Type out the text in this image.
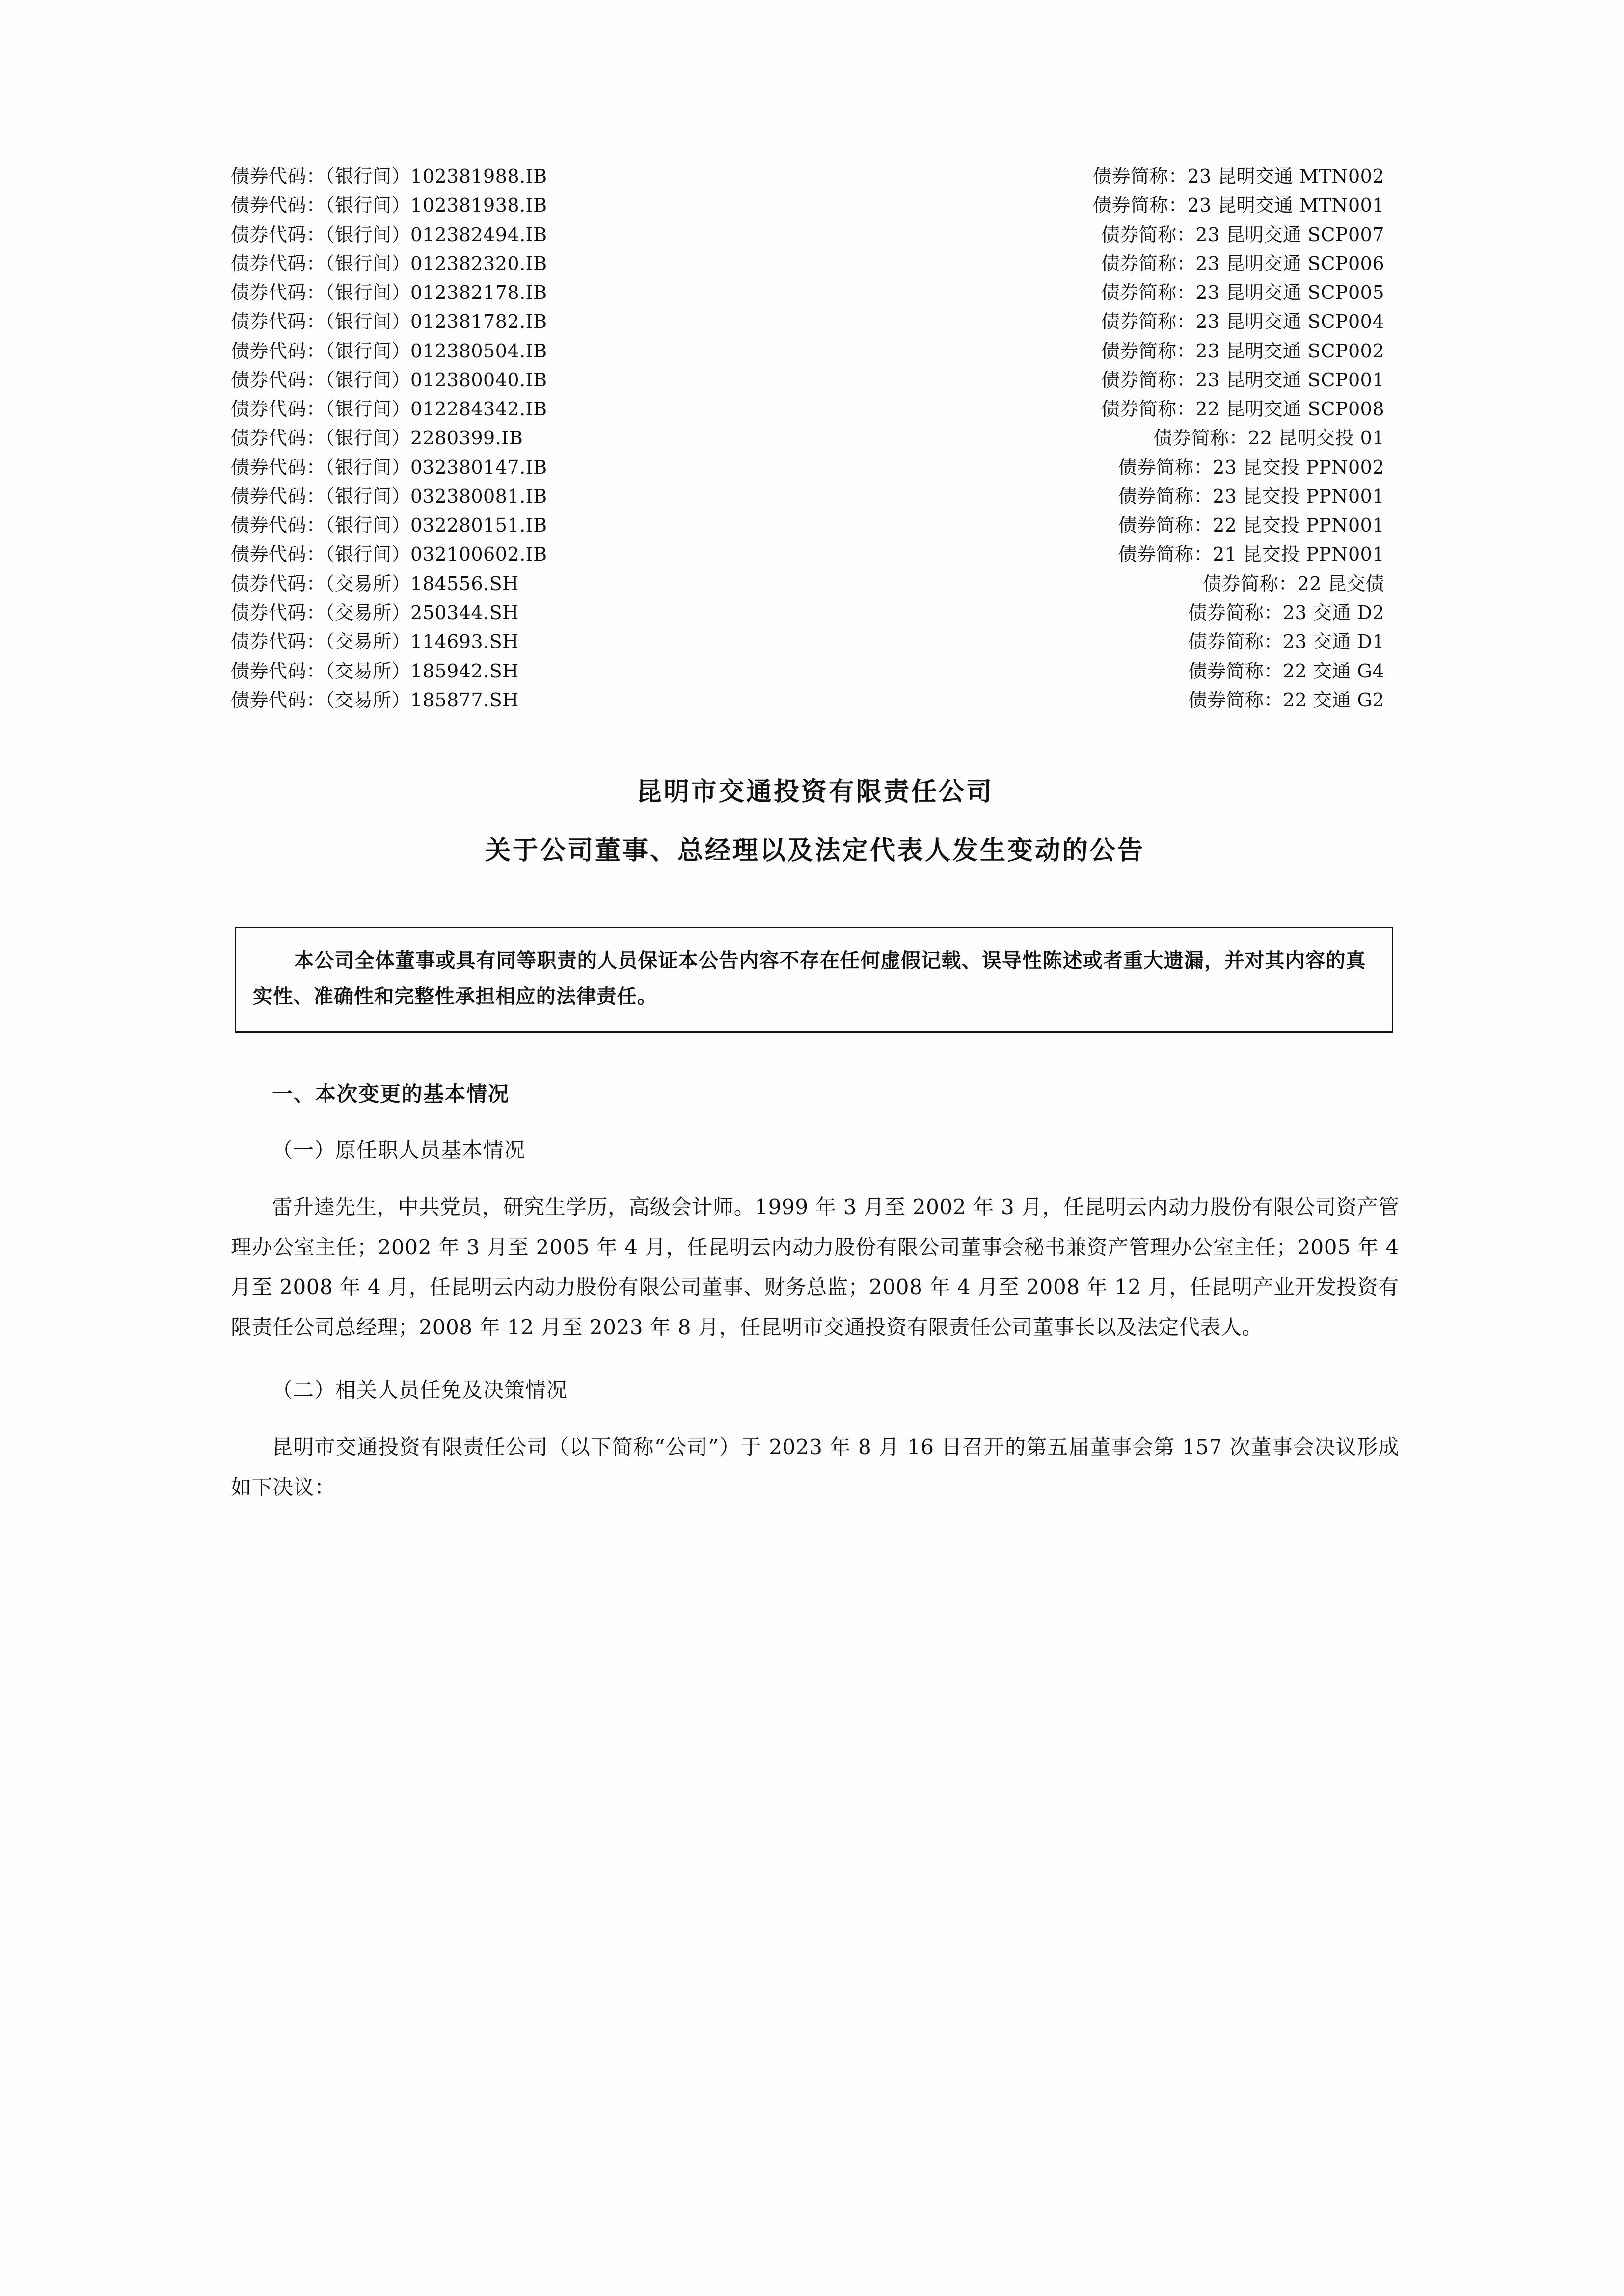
债券代码：（银行间）102381988.IB	债券简称：23 昆明交通 MTN002
债券代码：（银行间）102381938.IB	债券简称：23 昆明交通 MTN001
债券代码：（银行间）012382494.IB	债券简称：23 昆明交通 SCP007
债券代码：（银行间）012382320.IB	债券简称：23 昆明交通 SCP006
债券代码：（银行间）012382178.IB	债券简称：23 昆明交通 SCP005
债券代码：（银行间）012381782.IB	债券简称：23 昆明交通 SCP004
债券代码：（银行间）012380504.IB	债券简称：23 昆明交通 SCP002
债券代码：（银行间）012380040.IB	债券简称：23 昆明交通 SCP001
债券代码：（银行间）012284342.IB	债券简称：22 昆明交通 SCP008
债券代码：（银行间）2280399.IB	债券简称：22 昆明交投 01
债券代码：（银行间）032380147.IB	债券简称：23 昆交投 PPN002
债券代码：（银行间）032380081.IB	债券简称：23 昆交投 PPN001
债券代码：（银行间）032280151.IB	债券简称：22 昆交投 PPN001
债券代码：（银行间）032100602.IB	债券简称：21 昆交投 PPN001
债券代码：（交易所）184556.SH	债券简称：22 昆交债
债券代码：（交易所）250344.SH	债券简称：23 交通 D2
债券代码：（交易所）114693.SH	债券简称：23 交通 D1
债券代码：（交易所）185942.SH	债券简称：22 交通 G4
债券代码：（交易所）185877.SH	债券简称：22 交通 G2
昆明市交通投资有限责任公司
关于公司董事、总经理以及法定代表人发生变动的公告
本公司全体董事或具有同等职责的人员保证本公告内容不存在任何虚假记载、误导性陈述或者重大遗漏，并对其内容的真实性、准确性和完整性承担相应的法律责任。
一、本次变更的基本情况
（一）原任职人员基本情况
雷升逵先生，中共党员，研究生学历，高级会计师。1999 年 3 月至 2002 年 3 月，任昆明云内动力股份有限公司资产管理办公室主任；2002 年 3 月至 2005 年 4 月，任昆明云内动力股份有限公司董事会秘书兼资产管理办公室主任；2005 年 4 月至 2008 年 4 月，任昆明云内动力股份有限公司董事、财务总监；2008 年 4 月至 2008 年 12 月，任昆明产业开发投资有限责任公司总经理；2008 年 12 月至 2023 年 8 月，任昆明市交通投资有限责任公司董事长以及法定代表人。
（二）相关人员任免及决策情况
昆明市交通投资有限责任公司（以下简称“公司”）于 2023 年 8 月 16 日召开的第五届董事会第 157 次董事会决议形成如下决议：
